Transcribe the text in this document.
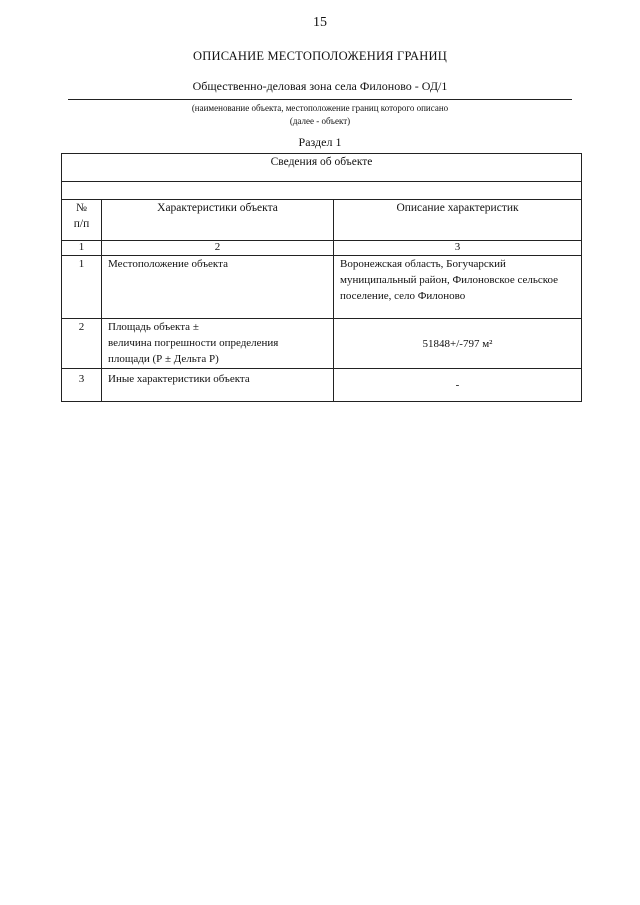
15
ОПИСАНИЕ МЕСТОПОЛОЖЕНИЯ ГРАНИЦ
Общественно-деловая зона села Филоново - ОД/1
(наименование объекта, местоположение границ которого описано
(далее - объект)
Раздел 1
Сведения об объекте		

№
п/п	Характеристики объекта	Описание характеристик
1	2	3
1	Местоположение объекта	Воронежская область, Богучарский муниципальный район, Филоновское сельское поселение, село Филоново
2	Площадь объекта ±
величина погрешности определения
площади (Р ± Дельта Р)	51848+/-797 м²
3	Иные характеристики объекта	-
